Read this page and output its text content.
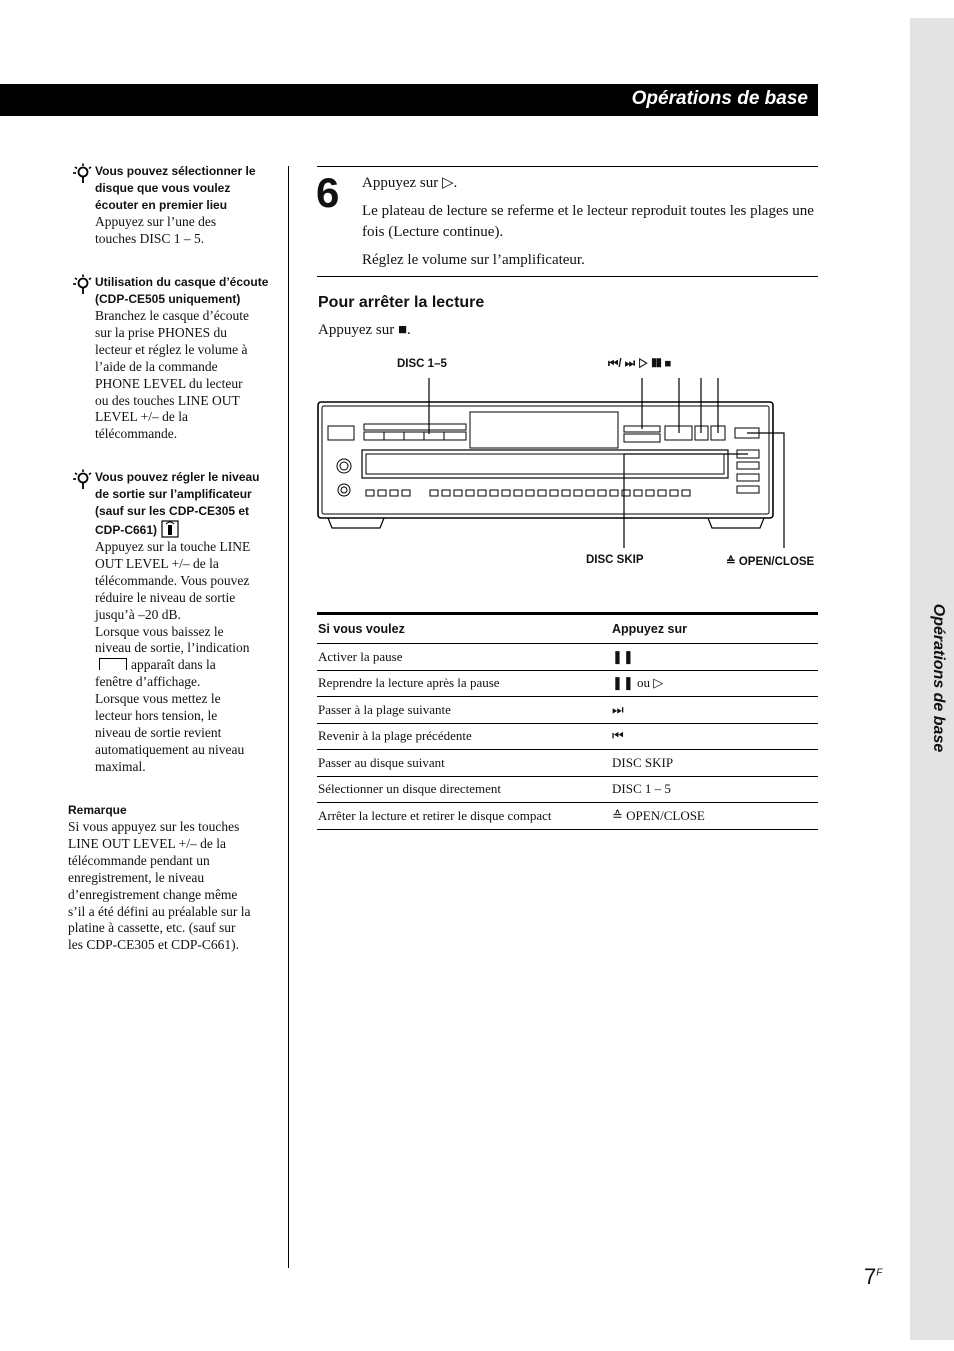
Opérations de base
Opérations de base
Vous pouvez sélectionner le
disque que vous voulez
écouter en premier lieu
Appuyez sur l’une des
touches DISC 1 – 5.
Utilisation du casque d’écoute
(CDP-CE505 uniquement)
Branchez le casque d’écoute
sur la prise PHONES du
lecteur et réglez le volume à
l’aide de la commande
PHONE LEVEL du lecteur
ou des touches LINE OUT
LEVEL +/– de la
télécommande.
Vous pouvez régler le niveau
de sortie sur l’amplificateur
(sauf sur les CDP-CE305 et
CDP-C661)
Appuyez sur la touche LINE
OUT LEVEL +/– de la
télécommande. Vous pouvez
réduire le niveau de sortie
jusqu’à –20 dB.
Lorsque vous baissez le
niveau de sortie, l’indication
apparaît dans la
fenêtre d’affichage.
Lorsque vous mettez le
lecteur hors tension, le
niveau de sortie revient
automatiquement au niveau
maximal.
Remarque
Si vous appuyez sur les touches
LINE OUT LEVEL +/– de la
télécommande pendant un
enregistrement, le niveau
d’enregistrement change même
s’il a été défini au préalable sur la
platine à cassette, etc. (sauf sur
les CDP-CE305 et CDP-C661).
6 Appuyez sur ▷.
Le plateau de lecture se referme et le lecteur reproduit toutes les plages une fois (Lecture continue).
Réglez le volume sur l’amplificateur.
Pour arrêter la lecture
Appuyez sur ■.
DISC 1–5	⏮/ ⏭ ▷ ❚❚ ■
DISC SKIP	≙ OPEN/CLOSE
Si vous voulez	Appuyez sur
Activer la pause	❚❚
Reprendre la lecture après la pause	❚❚ ou ▷
Passer à la plage suivante	⏭
Revenir à la plage précédente	⏮
Passer au disque suivant	DISC SKIP
Sélectionner un disque directement	DISC 1 – 5
Arrêter la lecture et retirer le disque compact	≙ OPEN/CLOSE
$7^F$
